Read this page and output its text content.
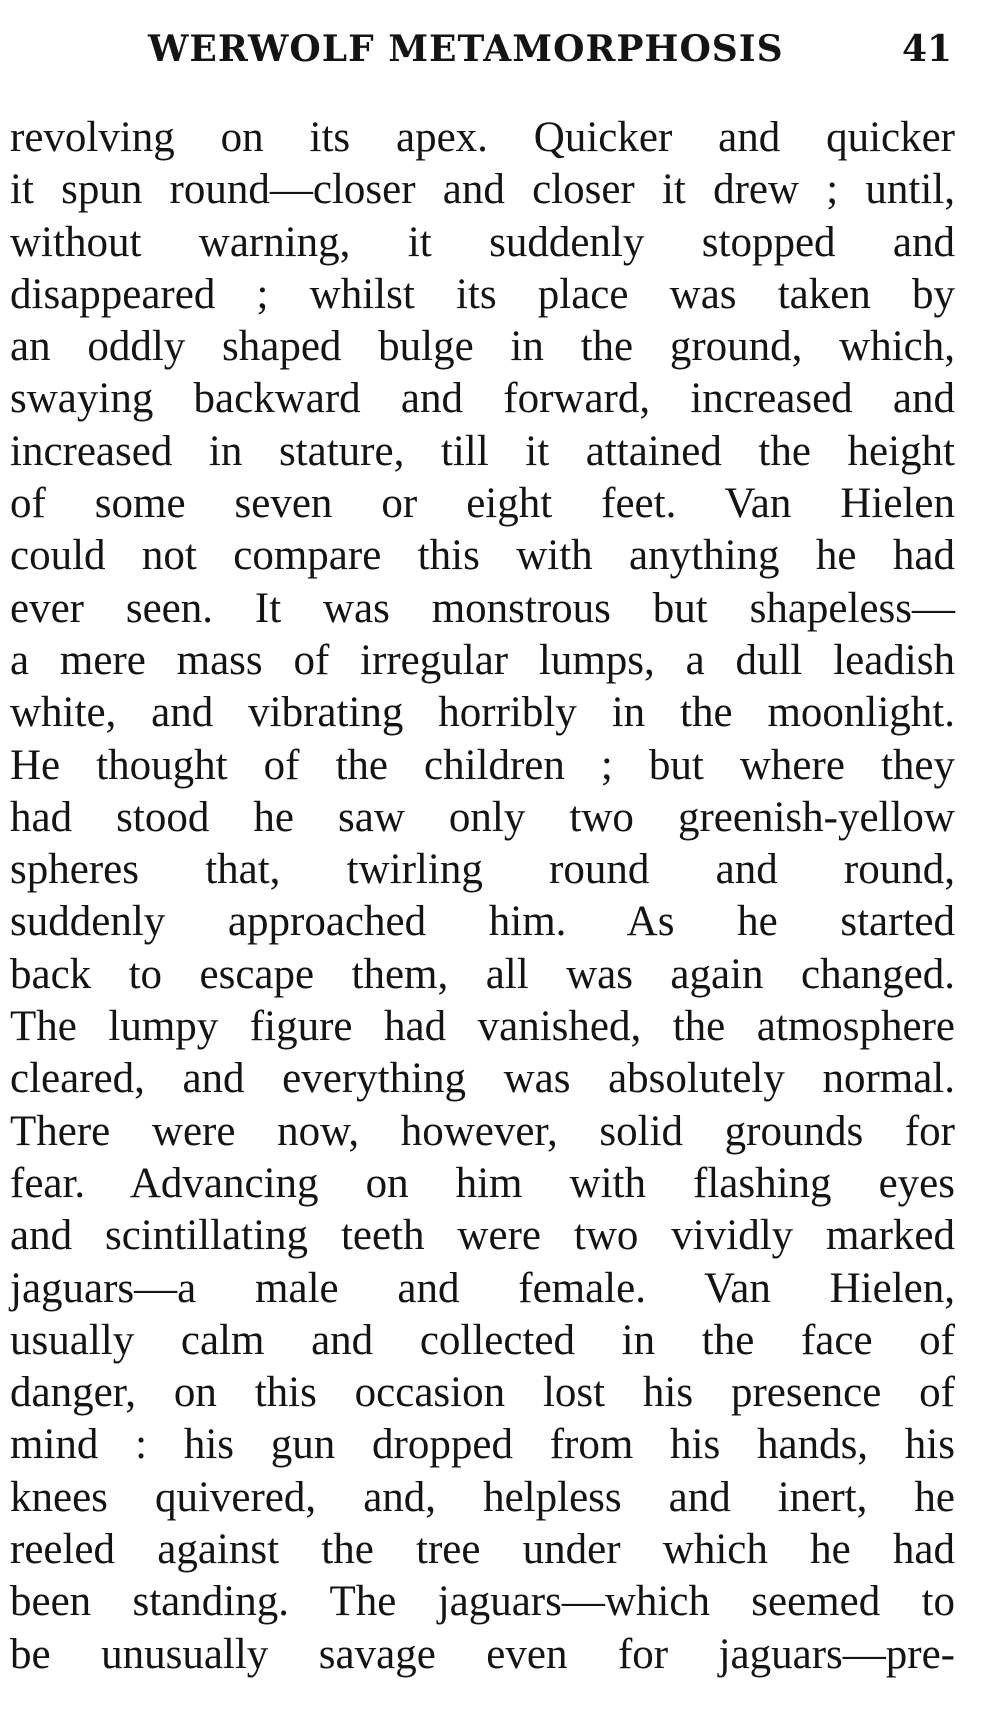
WERWOLF METAMORPHOSIS	41
revolving on its apex. Quicker and quicker
it spun round—closer and closer it drew ; until,
without warning, it suddenly stopped and
disappeared ; whilst its place was taken by
an oddly shaped bulge in the ground, which,
swaying backward and forward, increased and
increased in stature, till it attained the height
of some seven or eight feet. Van Hielen
could not compare this with anything he had
ever seen. It was monstrous but shapeless—
a mere mass of irregular lumps, a dull leadish
white, and vibrating horribly in the moonlight.
He thought of the children ; but where they
had stood he saw only two greenish-yellow
spheres that, twirling round and round,
suddenly approached him. As he started
back to escape them, all was again changed.
The lumpy figure had vanished, the atmosphere
cleared, and everything was absolutely normal.
There were now, however, solid grounds for
fear. Advancing on him with flashing eyes
and scintillating teeth were two vividly marked
jaguars—a male and female. Van Hielen,
usually calm and collected in the face of
danger, on this occasion lost his presence of
mind : his gun dropped from his hands, his
knees quivered, and, helpless and inert, he
reeled against the tree under which he had
been standing. The jaguars—which seemed to
be unusually savage even for jaguars—pre-
